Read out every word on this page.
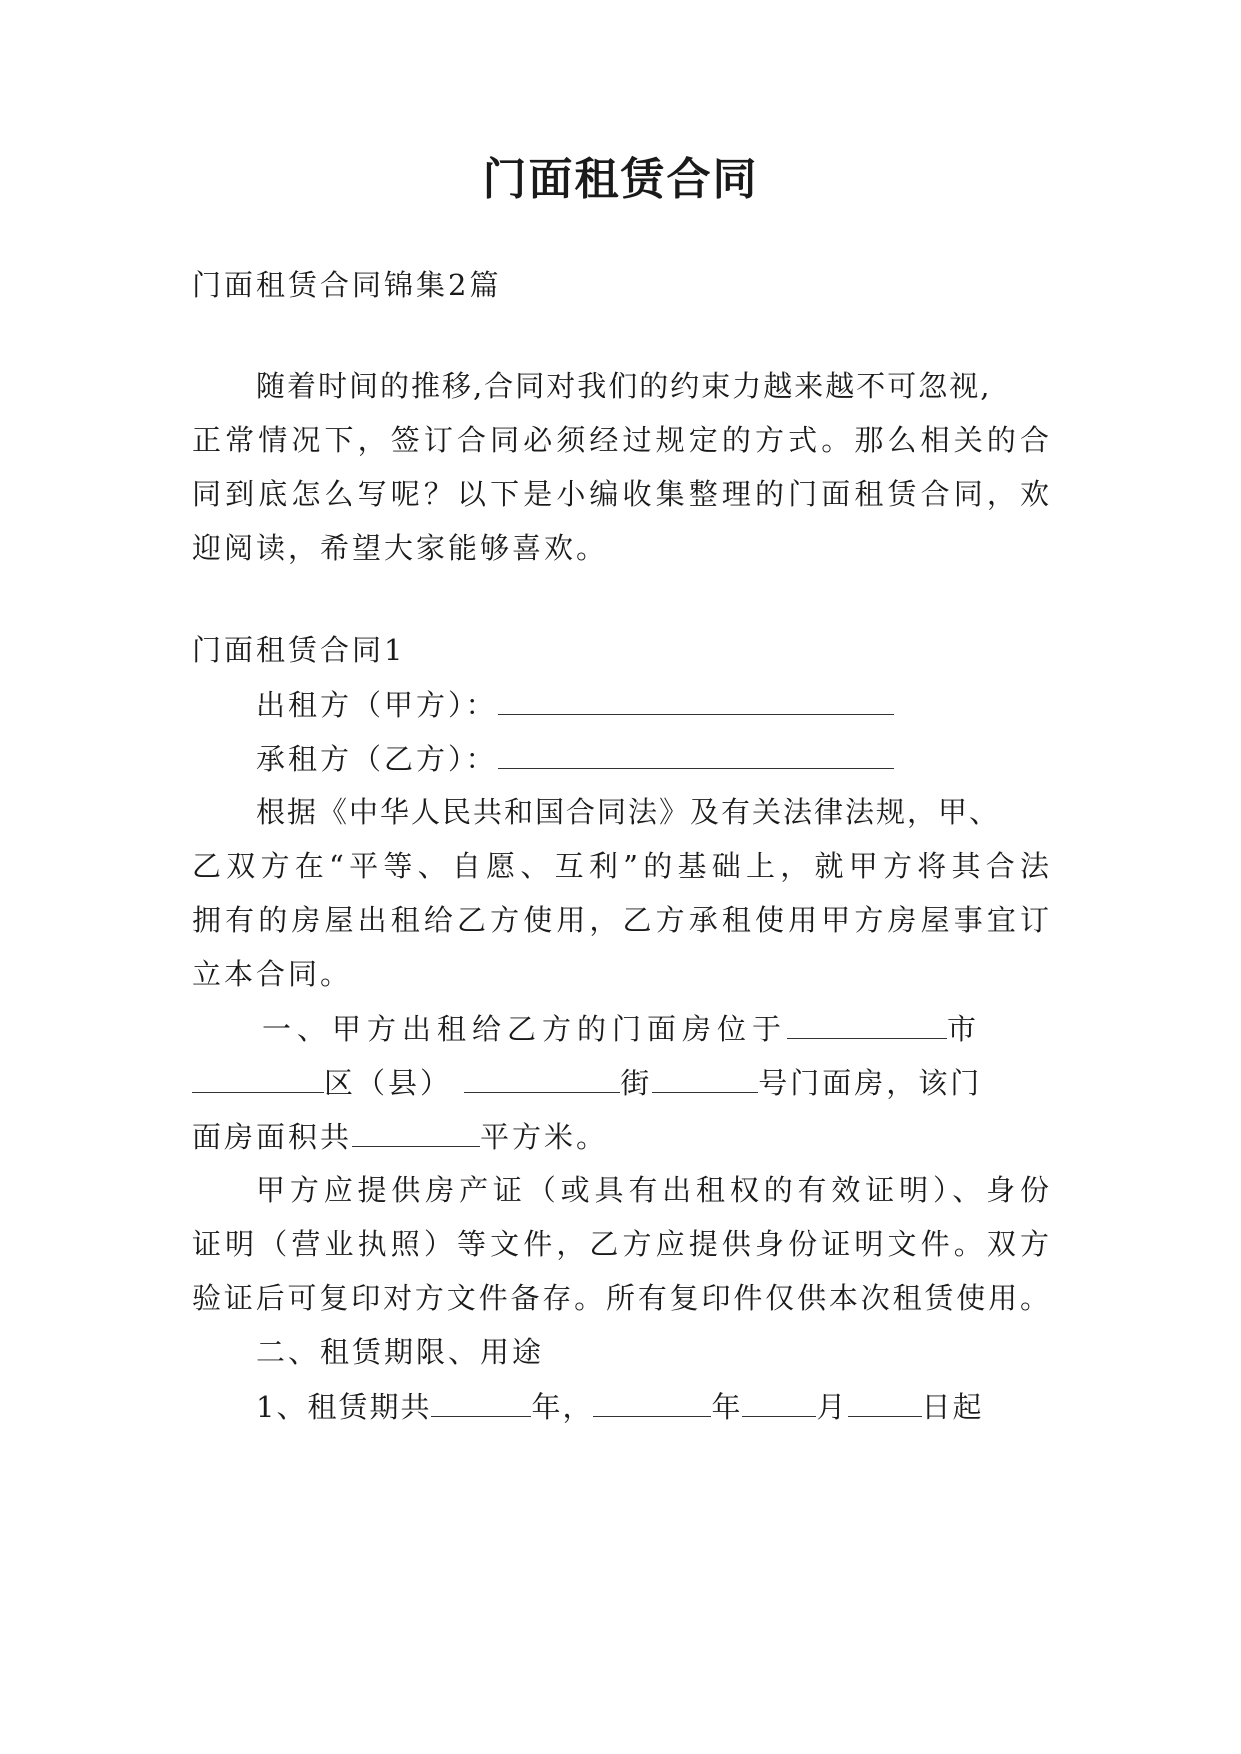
门面租赁合同

门面租赁合同锦集2篇

随着时间的推移,合同对我们的约束力越来越不可忽视,

正常情况下，签订合同必须经过规定的方式。那么相关的合

同到底怎么写呢？以下是小编收集整理的门面租赁合同，欢

迎阅读，希望大家能够喜欢。

门面租赁合同1

出租方（甲方）：

承租方（乙方）：

根据《中华人民共和国合同法》及有关法律法规，甲、

乙双方在“平等、自愿、互利”的基础上，就甲方将其合法

拥有的房屋出租给乙方使用，乙方承租使用甲方房屋事宜订

立本合同。

一、甲方出租给乙方的门面房位于	市

区（县）	街	号门面房，该门

面房面积共	平方米。

甲方应提供房产证（或具有出租权的有效证明）、身份

证明（营业执照）等文件，乙方应提供身份证明文件。双方

验证后可复印对方文件备存。所有复印件仅供本次租赁使用。

二、租赁期限、用途

1、租赁期共	年，	年	月	日起
